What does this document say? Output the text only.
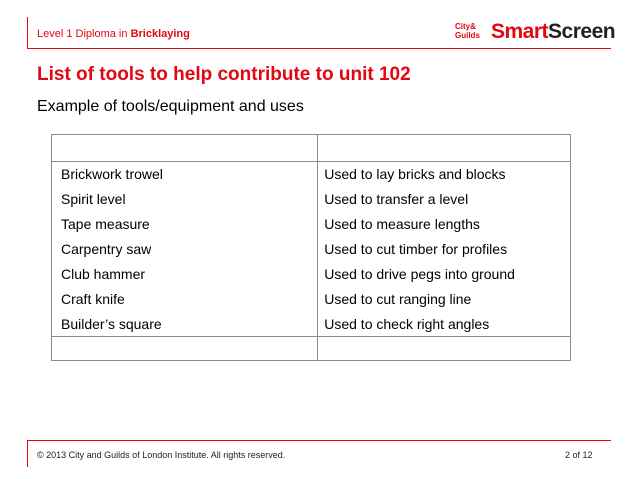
Level 1 Diploma in Bricklaying
City&
Guilds SmartScreen
List of tools to help contribute to unit 102
Example of tools/equipment and uses

Brickwork trowel	Used to lay bricks and blocks
Spirit level	Used to transfer a level
Tape measure	Used to measure lengths
Carpentry saw	Used to cut timber for profiles
Club hammer	Used to drive pegs into ground
Craft knife	Used to cut ranging line
Builder’s square	Used to check right angles

© 2013 City and Guilds of London Institute. All rights reserved.	2 of 12
